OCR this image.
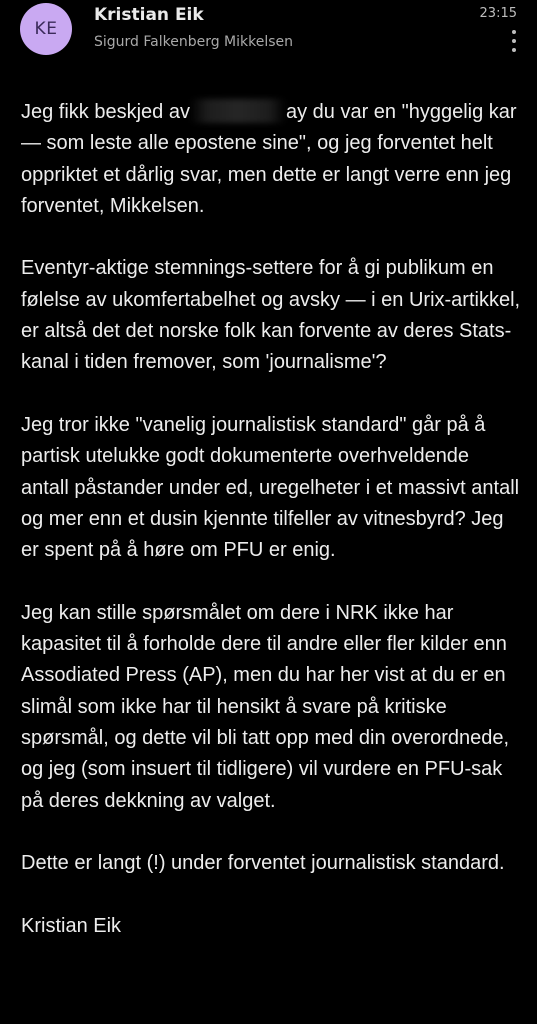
KE
Kristian Eik
Sigurd Falkenberg Mikkelsen
23:15

Jeg fikk beskjed av	ay du var en "hyggelig kar — som leste alle epostene sine", og jeg forventet helt oppriktet et dårlig svar, men dette er langt verre enn jeg forventet, Mikkelsen.

Eventyr-aktige stemnings-settere for å gi publikum en følelse av ukomfertabelhet og avsky — i en Urix-artikkel, er altså det det norske folk kan forvente av deres Stats-kanal i tiden fremover, som 'journalisme'?

Jeg tror ikke "vanelig journalistisk standard" går på å partisk utelukke godt dokumenterte overhveldende antall påstander under ed, uregelheter i et massivt antall og mer enn et dusin kjennte tilfeller av vitnesbyrd? Jeg er spent på å høre om PFU er enig.

Jeg kan stille spørsmålet om dere i NRK ikke har kapasitet til å forholde dere til andre eller fler kilder enn Assodiated Press (AP), men du har her vist at du er en slimål som ikke har til hensikt å svare på kritiske spørsmål, og dette vil bli tatt opp med din overordnede, og jeg (som insuert til tidligere) vil vurdere en PFU-sak på deres dekkning av valget.

Dette er langt (!) under forventet journalistisk standard.

Kristian Eik
